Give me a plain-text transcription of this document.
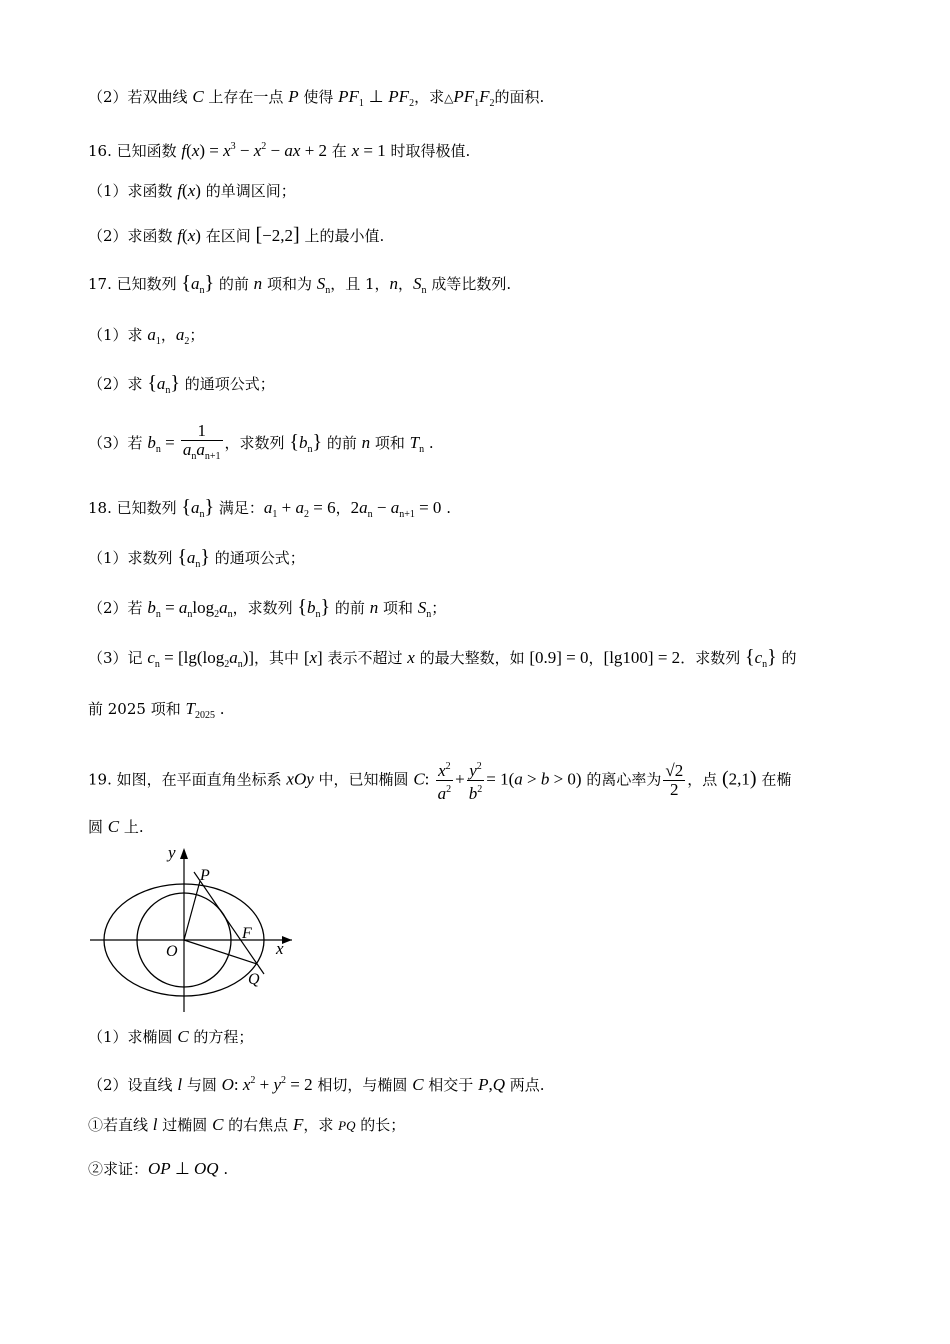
（2）若双曲线 C 上存在一点 P 使得 $PF_1$ ⊥ $PF_2$，求$\triangle PF_1F_2$的面积.
16. 已知函数 $f(x) = x^3 - x^2$ − ax + 2 在 x = 1 时取得极值.
（1）求函数 f(x) 的单调区间；
（2）求函数 f(x) 在区间 [−2,2] 上的最小值.
17. 已知数列 $\{a_n\}$ 的前 n 项和为 $S_n$，且 1，n，$S_n$ 成等比数列.
（1）求 $a_1$，$a_2$；
（2）求 $\{a_n\}$ 的通项公式；
（3）若 $b_n = \frac{1}{a_na_{n+1}}$ ，求数列 $\{b_n\}$ 的前 n 项和 $T_n$ .
18. 已知数列 $\{a_n\}$ 满足：$a_1 + a_2 = 6$，$2a_n - a_{n+1} = 0$ .
（1）求数列 $\{a_n\}$ 的通项公式；
（2）若 $b_n = a_n\log_2a_n$，求数列 $\{b_n\}$ 的前 n 项和 $S_n$；
（3）记 $c_n = [\lg(\log_2a_n)]$，其中 [x] 表示不超过 x 的最大整数，如 [0.9] = 0，[lg100] = 2．求数列 $\{c_n\}$ 的
前 2025 项和 $T_{2025}$ .
19. 如图，在平面直角坐标系 xOy 中，已知椭圆 C: $\frac{x^2}{a^2} + \frac{y^2}{b^2} = 1(a > b > 0)$ 的离心率为 $\frac{√2}{2}$ ，点 (2,1) 在椭
圆 C 上.
y
x
O
P
F
Q
（1）求椭圆 C 的方程；
（2）设直线 l 与圆 O: $x^2 + y^2 = 2$ 相切，与椭圆 C 相交于 P,Q 两点.
①若直线 l 过椭圆 C 的右焦点 F，求 PQ 的长；
②求证：OP ⊥ OQ .
